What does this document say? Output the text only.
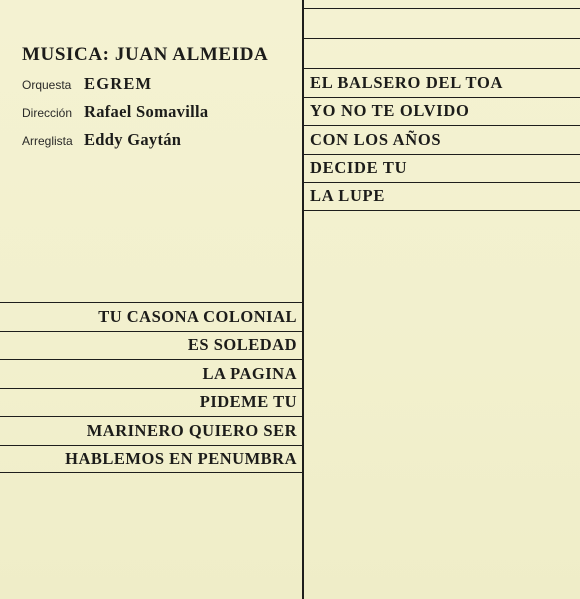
MUSICA: JUAN ALMEIDA
Orquesta EGREM
Dirección Rafael Somavilla
Arreglista Eddy Gaytán
EL BALSERO DEL TOA
YO NO TE OLVIDO
CON LOS AÑOS
DECIDE TU
LA LUPE
TU CASONA COLONIAL
ES SOLEDAD
LA PAGINA
PIDEME TU
MARINERO QUIERO SER
HABLEMOS EN PENUMBRA
